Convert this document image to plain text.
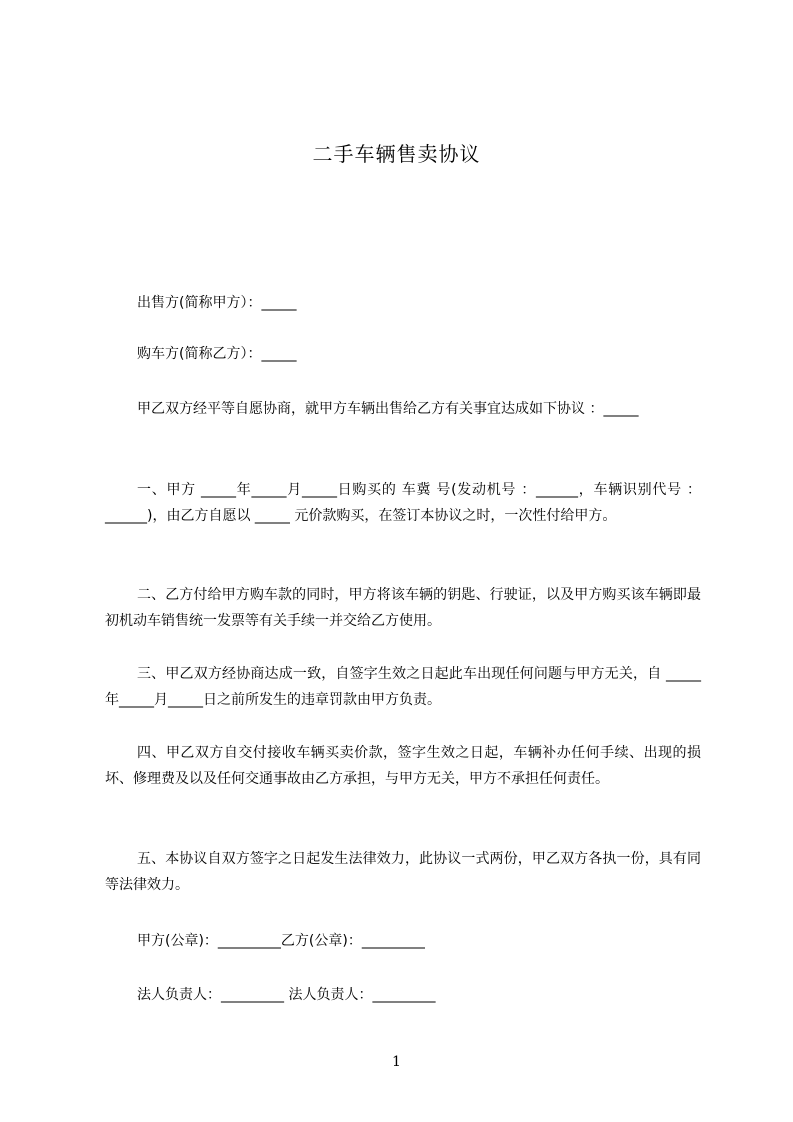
二手车辆售卖协议

出售方(简称甲方）：_____

购车方(简称乙方）：_____

甲乙双方经平等自愿协商，就甲方车辆出售给乙方有关事宜达成如下协议 ：_____

一、甲方 _____年_____月_____日购买的 车冀 号(发动机号 ：______，车辆识别代号 ：______)，由乙方自愿以 _____ 元价款购买，在签订本协议之时，一次性付给甲方。

二、乙方付给甲方购车款的同时，甲方将该车辆的钥匙、行驶证，以及甲方购买该车辆即最初机动车销售统一发票等有关手续一并交给乙方使用。

三、甲乙双方经协商达成一致，自签字生效之日起此车出现任何问题与甲方无关，自 _____年_____月_____日之前所发生的违章罚款由甲方负责。

四、甲乙双方自交付接收车辆买卖价款，签字生效之日起，车辆补办任何手续、出现的损坏、修理费及以及任何交通事故由乙方承担，与甲方无关，甲方不承担任何责任。

五、本协议自双方签字之日起发生法律效力，此协议一式两份，甲乙双方各执一份，具有同等法律效力。

甲方(公章)：_________乙方(公章)：_________

法人负责人：_________ 法人负责人：_________

1
